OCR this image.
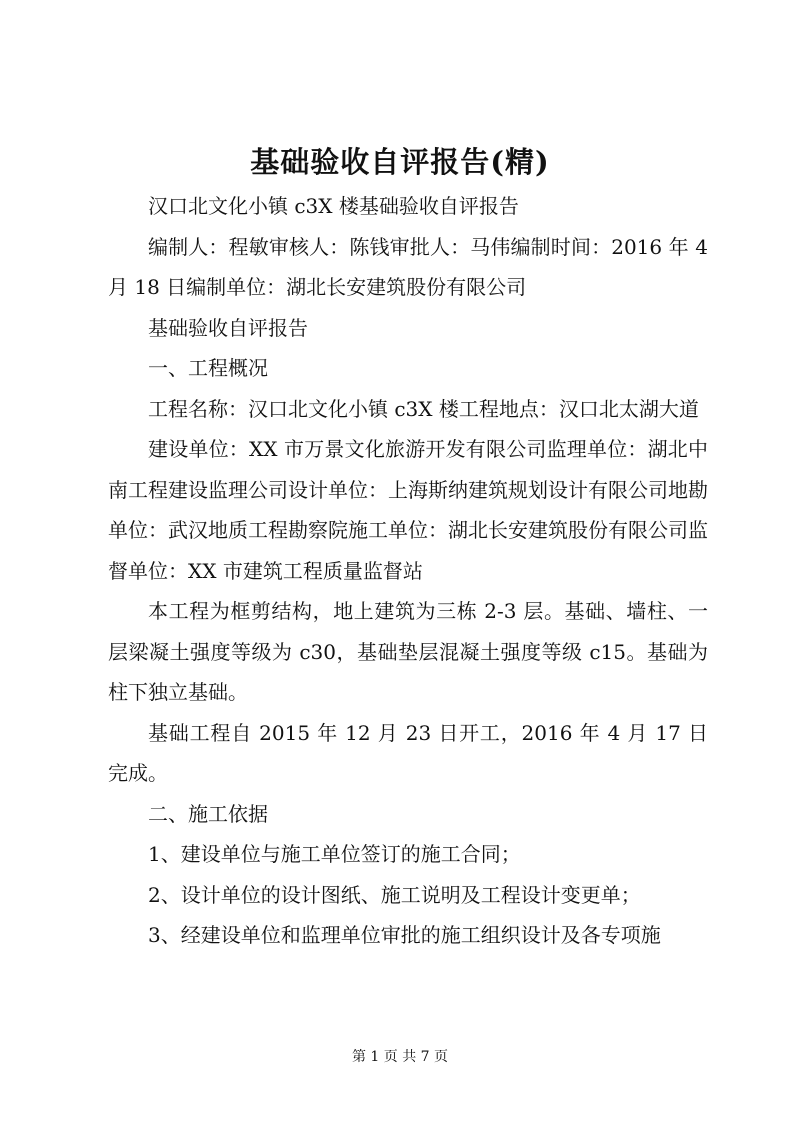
基础验收自评报告(精)

汉口北文化小镇 c3X 楼基础验收自评报告

编制人：程敏审核人：陈钱审批人：马伟编制时间：2016 年 4 月 18 日编制单位：湖北长安建筑股份有限公司

基础验收自评报告

一、工程概况

工程名称：汉口北文化小镇 c3X 楼工程地点：汉口北太湖大道

建设单位：XX 市万景文化旅游开发有限公司监理单位：湖北中南工程建设监理公司设计单位：上海斯纳建筑规划设计有限公司地勘单位：武汉地质工程勘察院施工单位：湖北长安建筑股份有限公司监督单位：XX 市建筑工程质量监督站

本工程为框剪结构，地上建筑为三栋 2-3 层。基础、墙柱、一层梁凝土强度等级为 c30，基础垫层混凝土强度等级 c15。基础为柱下独立基础。

基础工程自 2015 年 12 月 23 日开工，2016 年 4 月 17 日完成。

二、施工依据

1、建设单位与施工单位签订的施工合同；

2、设计单位的设计图纸、施工说明及工程设计变更单；

3、经建设单位和监理单位审批的施工组织设计及各专项施

第 1 页 共 7 页
